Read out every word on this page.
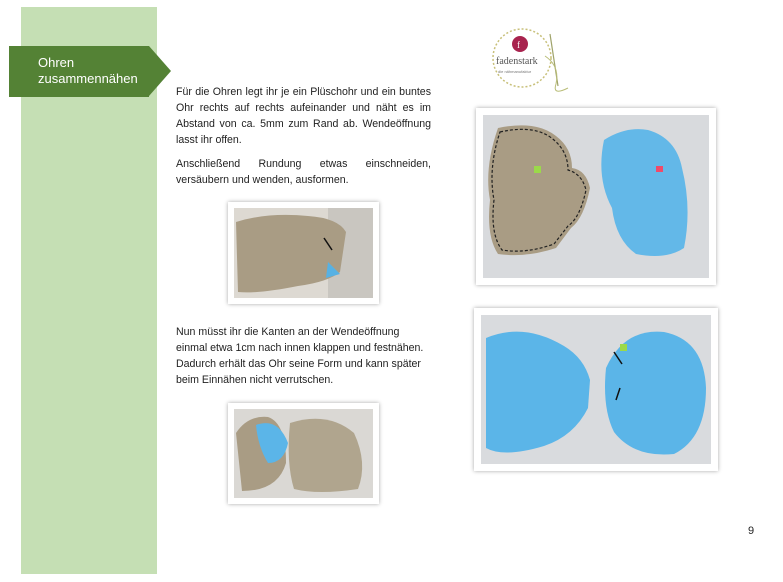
Ohren
zusammennähen

Für die Ohren legt ihr je ein Plüschohr und ein buntes Ohr rechts auf rechts aufeinander und näht es im Abstand von ca. 5mm zum Rand ab. Wendeöffnung lasst ihr offen.

Anschließend Rundung etwas einschneiden, versäubern und wenden, ausformen.

Nun müsst ihr die Kanten an der Wendeöffnung einmal etwa 1cm nach innen klappen und festnähen. Dadurch erhält das Ohr seine Form und kann später beim Einnähen nicht verrutschen.

f
fadenstark
die nähmanufaktur
9
